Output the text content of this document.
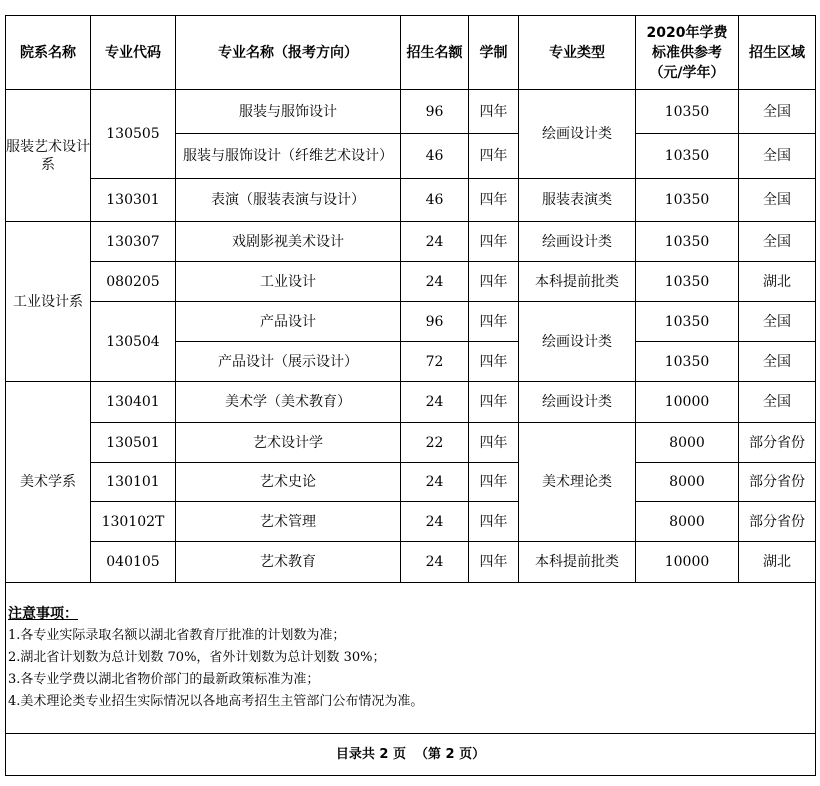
院系名称	专业代码	专业名称（报考方向）	招生名额	学制	专业类型	2020年学费标准供参考（元/学年）	招生区域
服装艺术设计系	130505	服装与服饰设计	96	四年	绘画设计类	10350	全国
		服装与服饰设计（纤维艺术设计）	46	四年		10350	全国
	130301	表演（服装表演与设计）	46	四年	服装表演类	10350	全国
工业设计系	130307	戏剧影视美术设计	24	四年	绘画设计类	10350	全国
	080205	工业设计	24	四年	本科提前批类	10350	湖北
	130504	产品设计	96	四年	绘画设计类	10350	全国
		产品设计（展示设计）	72	四年		10350	全国
美术学系	130401	美术学（美术教育）	24	四年	绘画设计类	10000	全国
	130501	艺术设计学	22	四年	美术理论类	8000	部分省份
	130101	艺术史论	24	四年		8000	部分省份
	130102T	艺术管理	24	四年		8000	部分省份
	040105	艺术教育	24	四年	本科提前批类	10000	湖北

注意事项：
1.各专业实际录取名额以湖北省教育厅批准的计划数为准；
2.湖北省计划数为总计划数 70%，省外计划数为总计划数 30%；
3.各专业学费以湖北省物价部门的最新政策标准为准；
4.美术理论类专业招生实际情况以各地高考招生主管部门公布情况为准。							

目录共 2 页  （第 2 页）							
